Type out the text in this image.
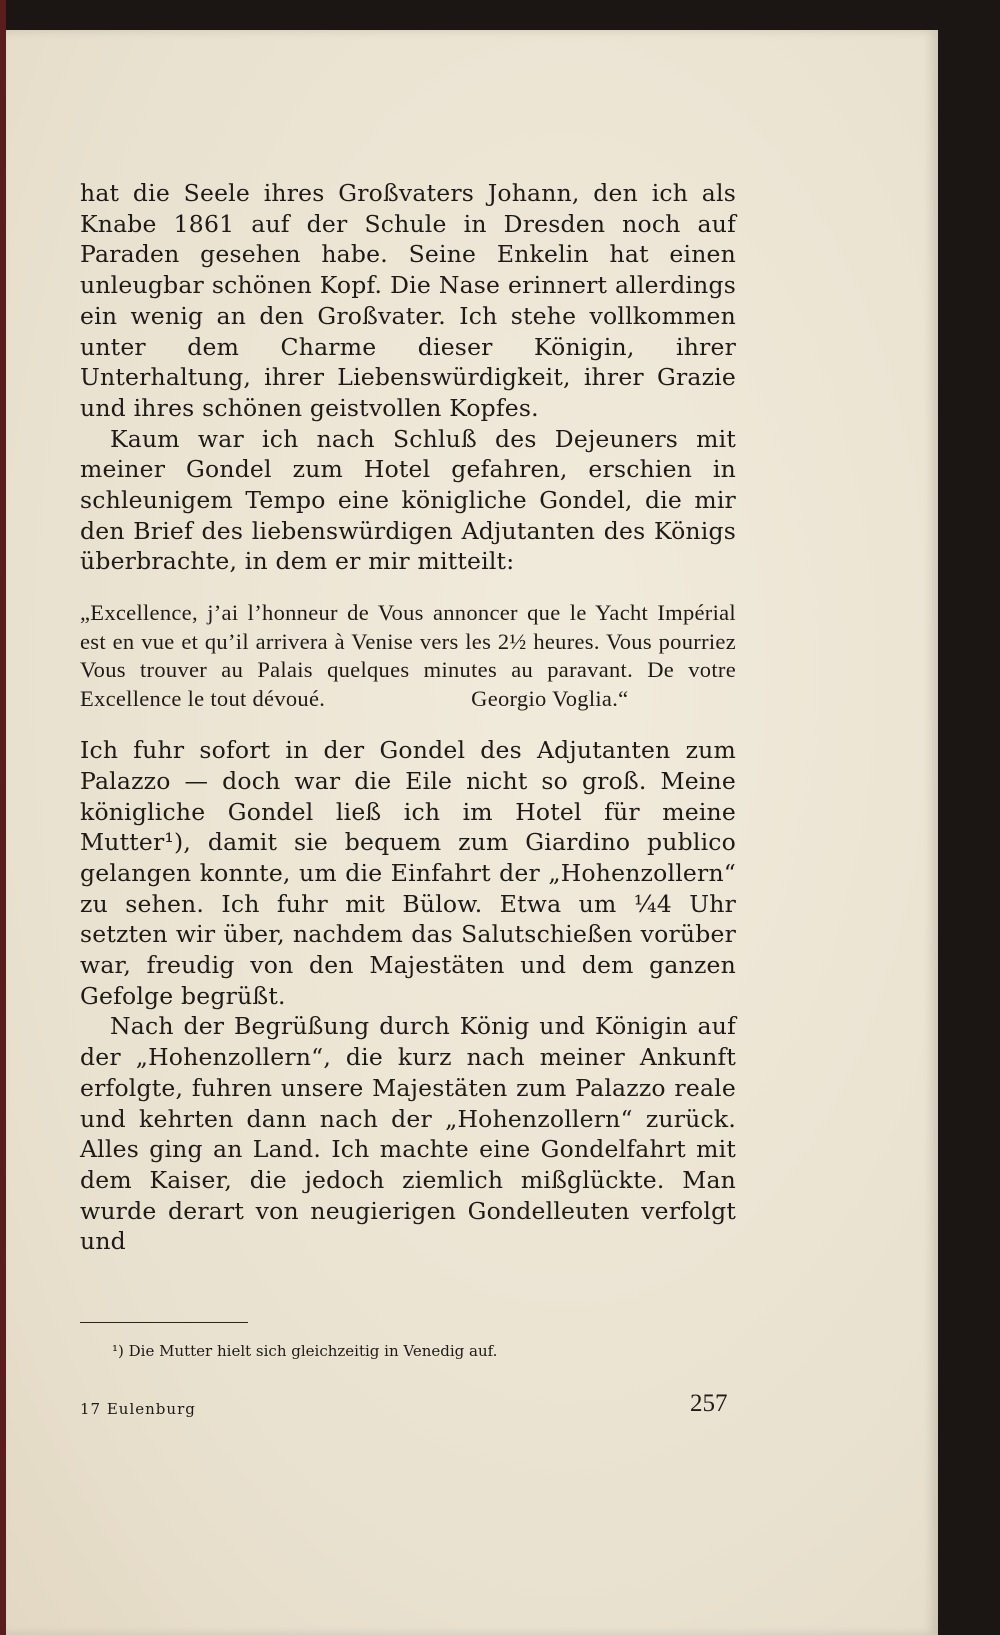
hat die Seele ihres Großvaters Johann, den ich als Knabe 1861 auf der Schule in Dresden noch auf Paraden gesehen habe. Seine Enkelin hat einen unleugbar schönen Kopf. Die Nase erinnert allerdings ein wenig an den Großvater. Ich stehe vollkommen unter dem Charme dieser Königin, ihrer Unterhaltung, ihrer Liebenswürdigkeit, ihrer Grazie und ihres schönen geistvollen Kopfes.

Kaum war ich nach Schluß des Dejeuners mit meiner Gondel zum Hotel gefahren, erschien in schleunigem Tempo eine königliche Gondel, die mir den Brief des liebenswürdigen Adjutanten des Königs überbrachte, in dem er mir mitteilt:

„Excellence, j’ai l’honneur de Vous annoncer que le Yacht Impérial est en vue et qu’il arrivera à Venise vers les 2½ heures. Vous pourriez Vous trouver au Palais quelques minutes au paravant. De votre Excellence le tout dévoué.	Georgio Voglia.“

Ich fuhr sofort in der Gondel des Adjutanten zum Palazzo — doch war die Eile nicht so groß. Meine königliche Gondel ließ ich im Hotel für meine Mutter¹), damit sie bequem zum Giardino publico gelangen konnte, um die Einfahrt der „Hohenzollern“ zu sehen. Ich fuhr mit Bülow. Etwa um ¼4 Uhr setzten wir über, nachdem das Salutschießen vorüber war, freudig von den Majestäten und dem ganzen Gefolge begrüßt.

Nach der Begrüßung durch König und Königin auf der „Hohenzollern“, die kurz nach meiner Ankunft erfolgte, fuhren unsere Majestäten zum Palazzo reale und kehrten dann nach der „Hohenzollern“ zurück. Alles ging an Land. Ich machte eine Gondelfahrt mit dem Kaiser, die jedoch ziemlich mißglückte. Man wurde derart von neugierigen Gondelleuten verfolgt und

¹) Die Mutter hielt sich gleichzeitig in Venedig auf.
17 Eulenburg	257
